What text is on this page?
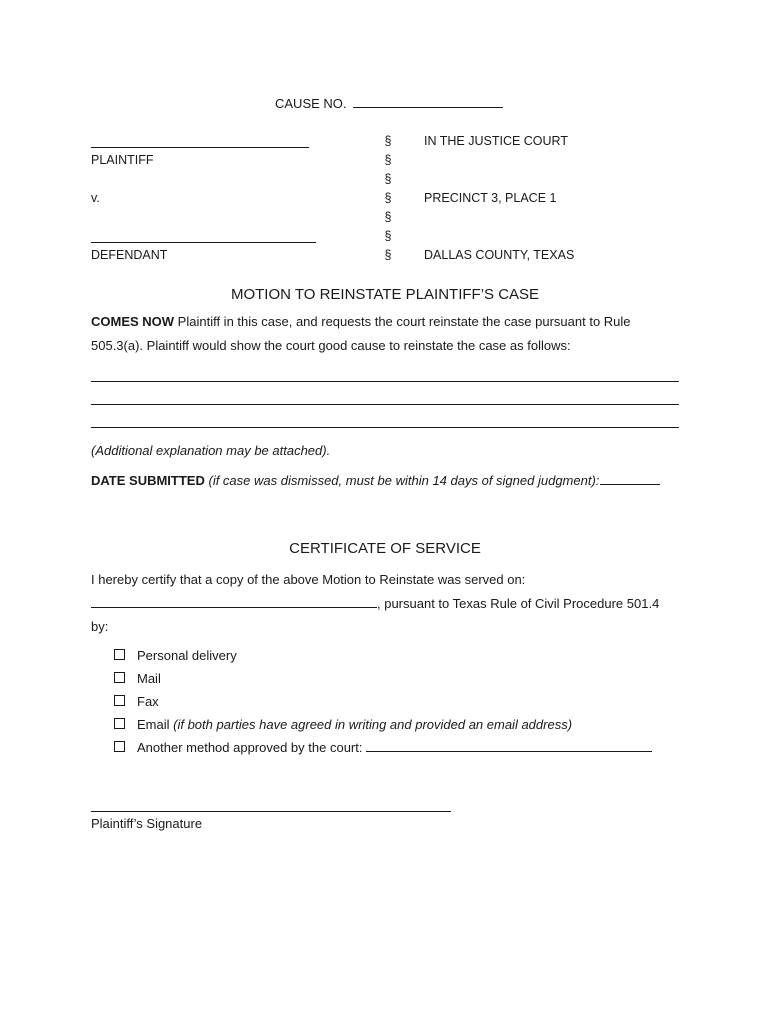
CAUSE NO.
PLAINTIFF
v.
DEFENDANT
§
§
§
§
§
§
§
IN THE JUSTICE COURT
PRECINCT 3, PLACE 1
DALLAS COUNTY, TEXAS
MOTION TO REINSTATE PLAINTIFF’S CASE
COMES NOW Plaintiff in this case, and requests the court reinstate the case pursuant to Rule
505.3(a). Plaintiff would show the court good cause to reinstate the case as follows:
(Additional explanation may be attached).
DATE SUBMITTED (if case was dismissed, must be within 14 days of signed judgment):
CERTIFICATE OF SERVICE
I hereby certify that a copy of the above Motion to Reinstate was served on:
, pursuant to Texas Rule of Civil Procedure 501.4
by:
Personal delivery
Mail
Fax
Email (if both parties have agreed in writing and provided an email address)
Another method approved by the court:
Plaintiff’s Signature
